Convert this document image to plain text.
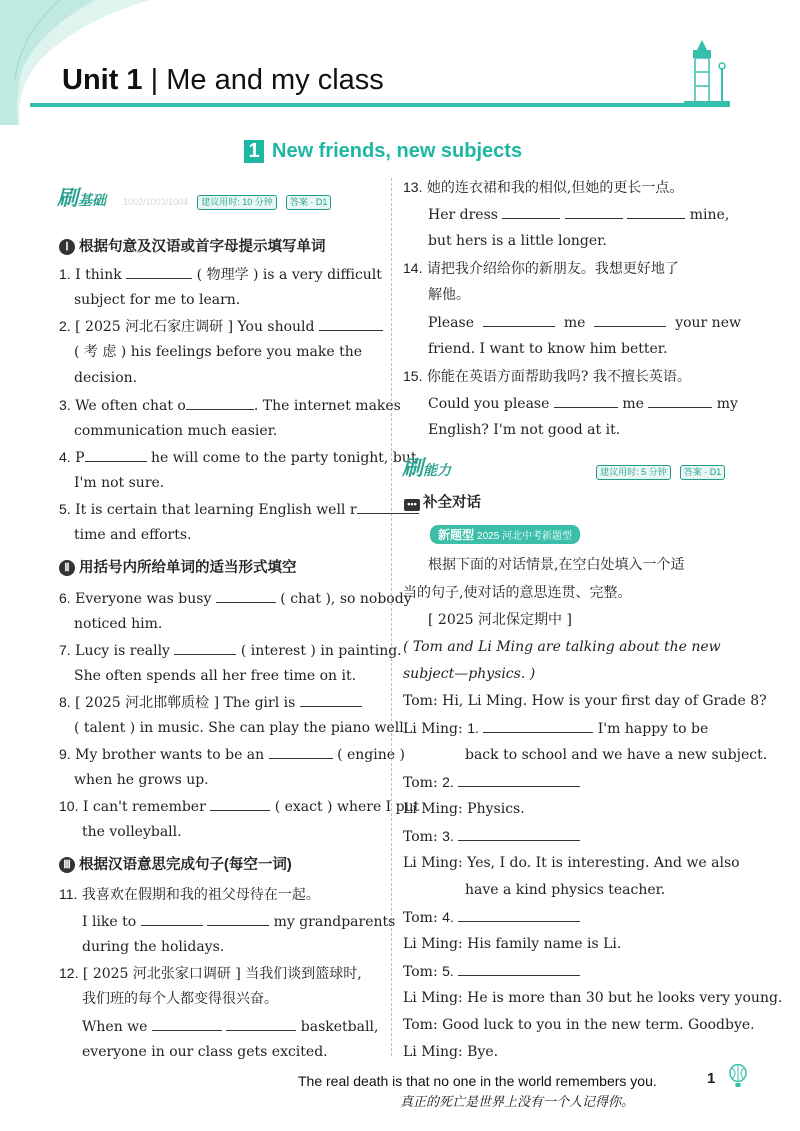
Unit 1 | Me and my class
1 New friends, new subjects
刷基础 1002/1003/1004 建议用时: 10 分钟 答案 · D1
Ⅰ 根据句意及汉语或首字母提示填写单词
1. I think	( 物理学 ) is a very difficult
subject for me to learn.
2. [ 2025 河北石家庄调研 ] You should
( 考 虑 ) his feelings before you make the
decision.
3. We often chat o	. The internet makes
communication much easier.
4. P	he will come to the party tonight, but
I'm not sure.
5. It is certain that learning English well r
time and efforts.
Ⅱ 用括号内所给单词的适当形式填空
6. Everyone was busy	( chat ), so nobody
noticed him.
7. Lucy is really	( interest ) in painting.
She often spends all her free time on it.
8. [ 2025 河北邯郸质检 ] The girl is
( talent ) in music. She can play the piano well.
9. My brother wants to be an	( engine )
when he grows up.
10. I can't remember	( exact ) where I put
the volleyball.
Ⅲ 根据汉语意思完成句子(每空一词)
11. 我喜欢在假期和我的祖父母待在一起。
I like to	my grandparents
during the holidays.
12. [ 2025 河北张家口调研 ] 当我们谈到篮球时,
我们班的每个人都变得很兴奋。
When we	basketball,
everyone in our class gets excited.
13. 她的连衣裙和我的相似,但她的更长一点。
Her dress	mine,
but hers is a little longer.
14. 请把我介绍给你的新朋友。我想更好地了
解他。
Please	me	your new
friend. I want to know him better.
15. 你能在英语方面帮助我吗? 我不擅长英语。
Could you please	me	my
English? I'm not good at it.
刷能力	建议用时: 5 分钟 答案 · D1
••• 补全对话
新题型 2025 河北中考新题型
根据下面的对话情景,在空白处填入一个适
当的句子,使对话的意思连贯、完整。
[ 2025 河北保定期中 ]
( Tom and Li Ming are talking about the new
subject—physics. )
Tom: Hi, Li Ming. How is your first day of Grade 8?
Li Ming: 1.	I'm happy to be
back to school and we have a new subject.
Tom: 2.
Li Ming: Physics.
Tom: 3.
Li Ming: Yes, I do. It is interesting. And we also
have a kind physics teacher.
Tom: 4.
Li Ming: His family name is Li.
Tom: 5.
Li Ming: He is more than 30 but he looks very young.
Tom: Good luck to you in the new term. Goodbye.
Li Ming: Bye.
The real death is that no one in the world remembers you.
真正的死亡是世界上没有一个人记得你。
1
